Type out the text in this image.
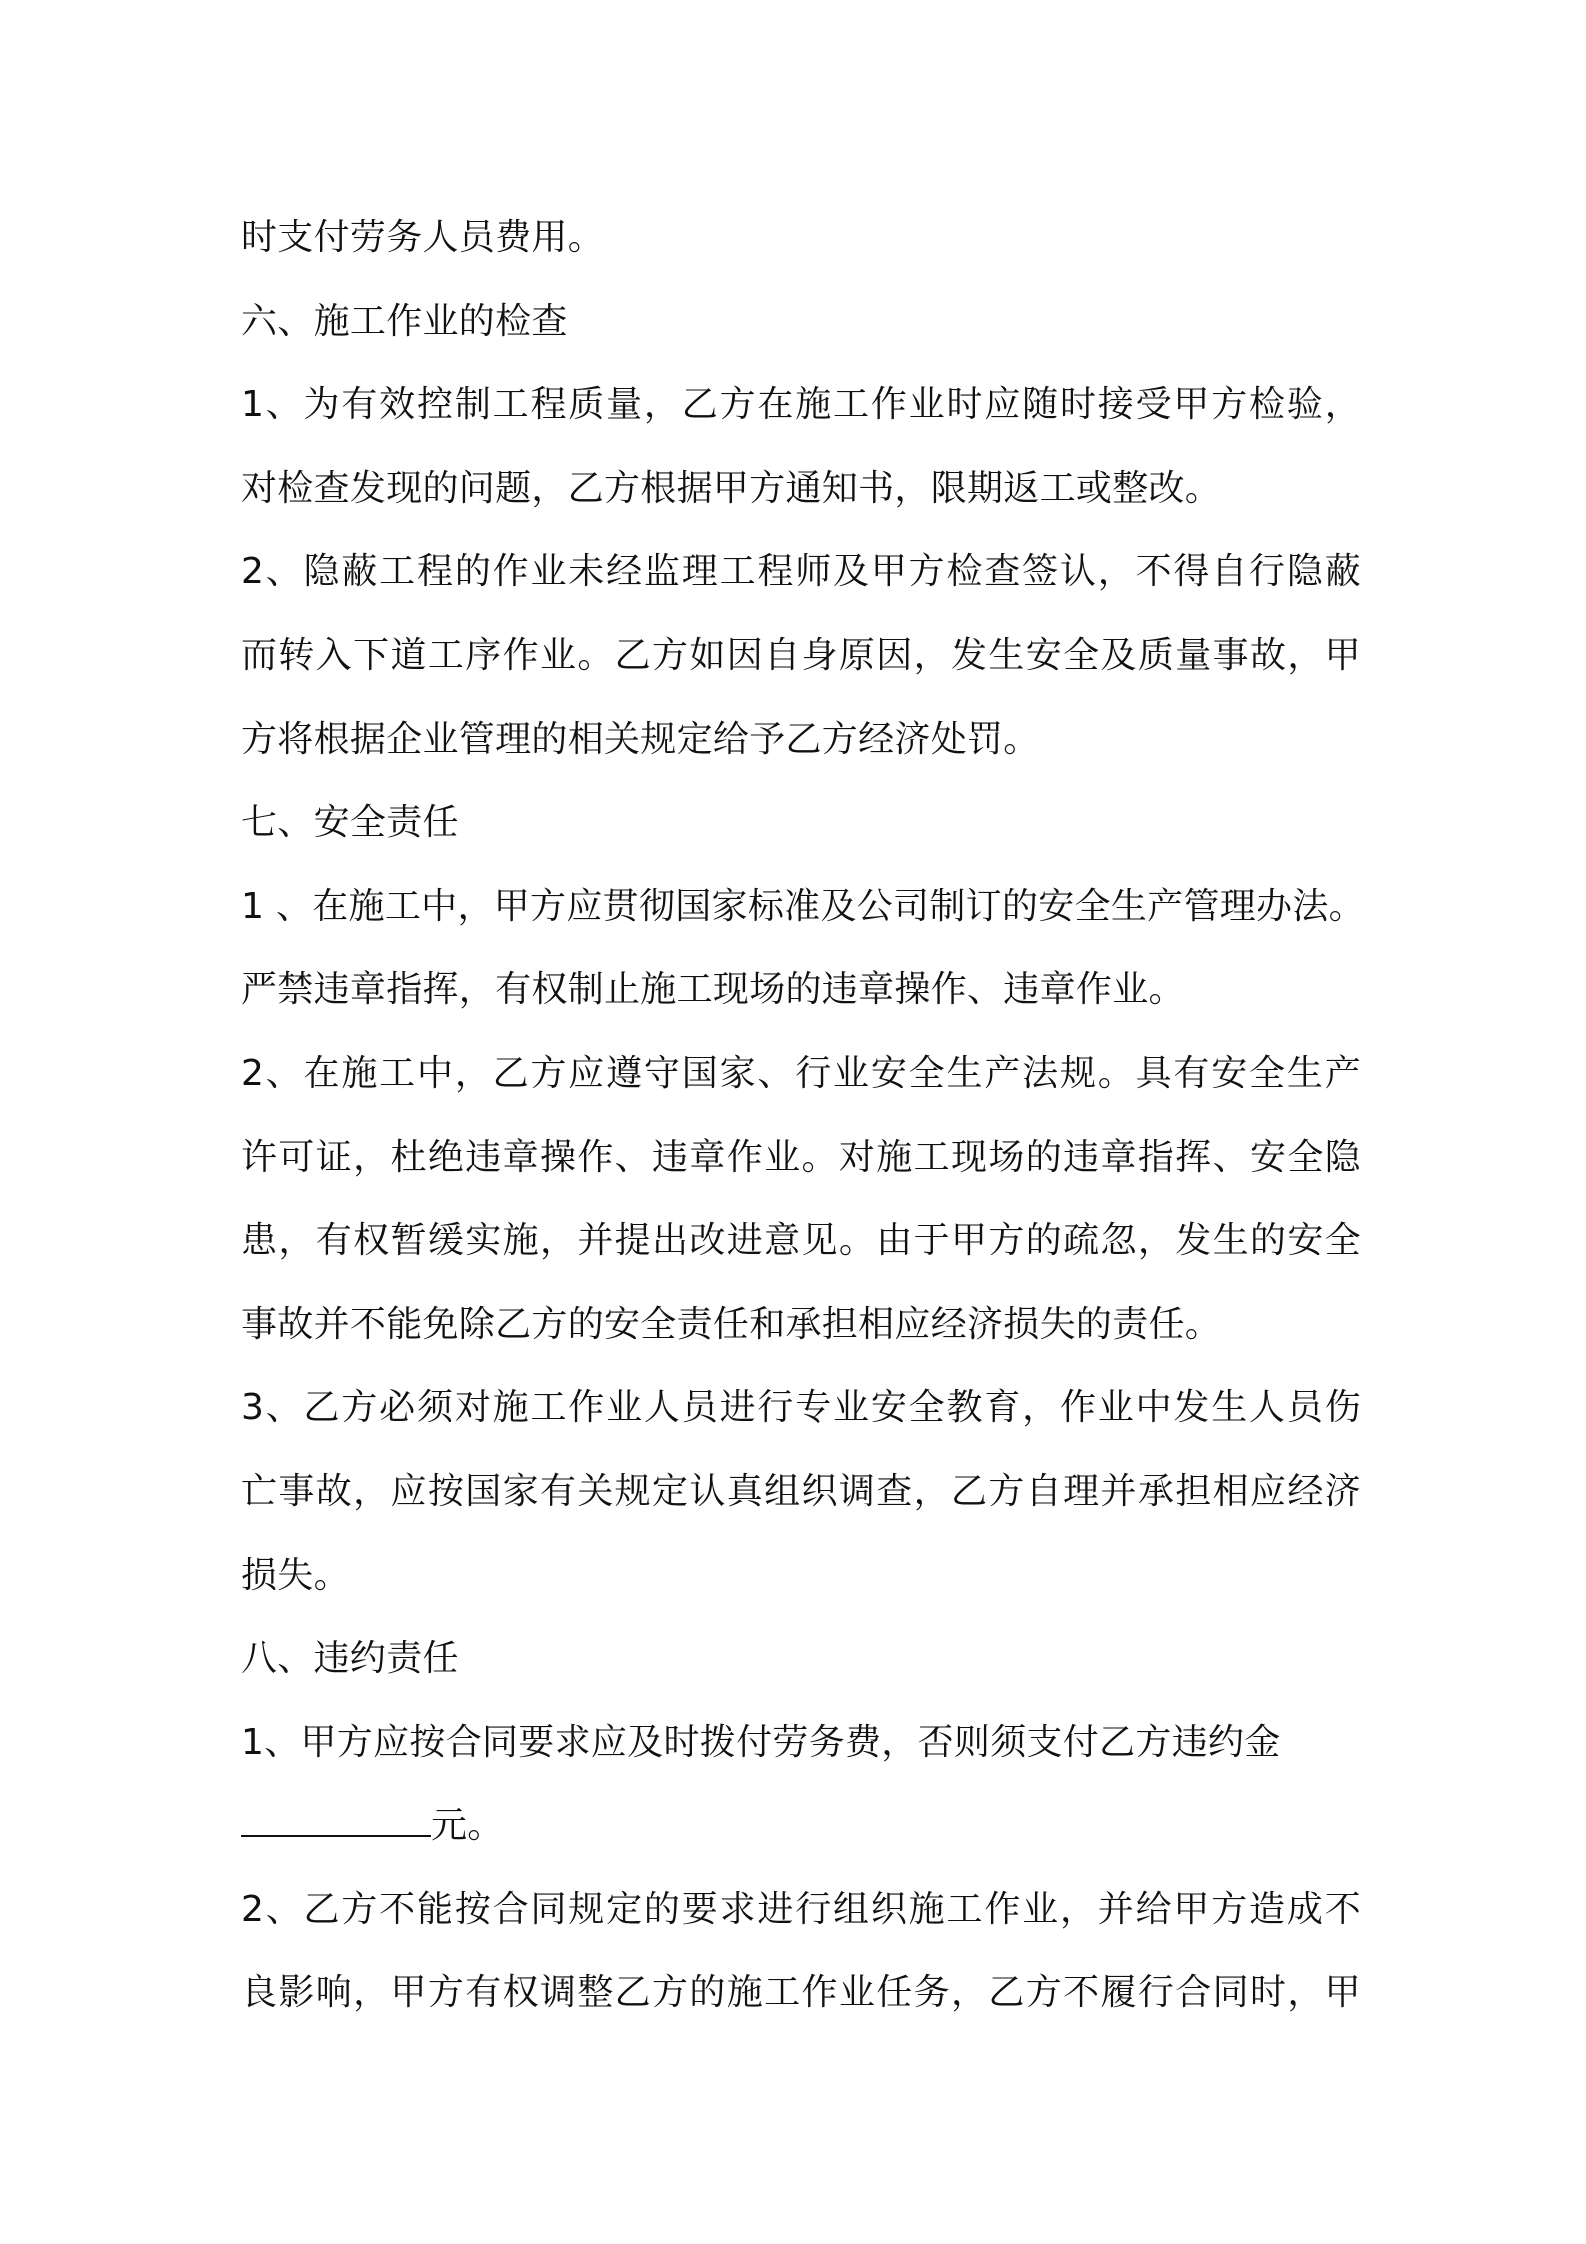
时支付劳务人员费用。
六、施工作业的检查
1、为有效控制工程质量，乙方在施工作业时应随时接受甲方检验，
对检查发现的问题，乙方根据甲方通知书，限期返工或整改。
2、隐蔽工程的作业未经监理工程师及甲方检查签认，不得自行隐蔽
而转入下道工序作业。乙方如因自身原因，发生安全及质量事故，甲
方将根据企业管理的相关规定给予乙方经济处罚。
七、安全责任
1 、在施工中，甲方应贯彻国家标准及公司制订的安全生产管理办法。
严禁违章指挥，有权制止施工现场的违章操作、违章作业。
2、在施工中，乙方应遵守国家、行业安全生产法规。具有安全生产
许可证，杜绝违章操作、违章作业。对施工现场的违章指挥、安全隐
患，有权暂缓实施，并提出改进意见。由于甲方的疏忽，发生的安全
事故并不能免除乙方的安全责任和承担相应经济损失的责任。
3、乙方必须对施工作业人员进行专业安全教育，作业中发生人员伤
亡事故，应按国家有关规定认真组织调查，乙方自理并承担相应经济
损失。
八、违约责任
1、甲方应按合同要求应及时拨付劳务费，否则须支付乙方违约金
元。
2、乙方不能按合同规定的要求进行组织施工作业，并给甲方造成不
良影响，甲方有权调整乙方的施工作业任务，乙方不履行合同时，甲
